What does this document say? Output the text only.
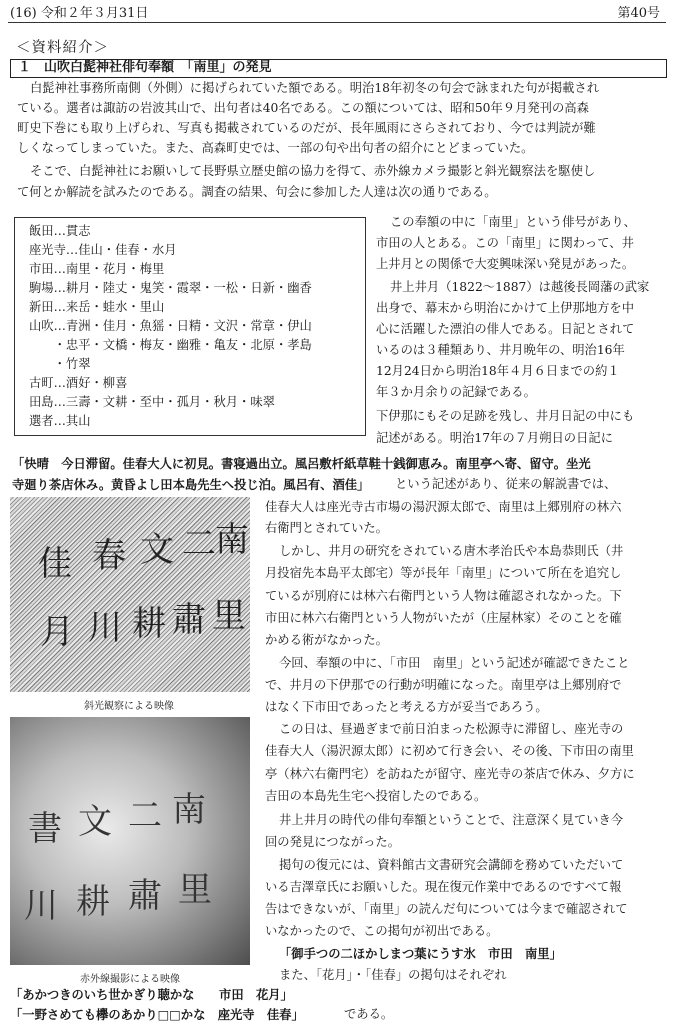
(16) 令和２年３月31日	第40号
＜資料紹介＞
１　山吹白髭神社俳句奉額　「南里」の発見
白髭神社事務所南側（外側）に掲げられていた額である。明治18年初冬の句会で詠まれた句が掲載され
ている。選者は諏訪の岩波其山で、出句者は40名である。この額については、昭和50年９月発刊の高森
町史下巻にも取り上げられ、写真も掲載されているのだが、長年風雨にさらされており、今では判読が難
しくなってしまっていた。また、高森町史では、一部の句や出句者の紹介にとどまっていた。
そこで、白髭神社にお願いして長野県立歴史館の協力を得て、赤外線カメラ撮影と斜光観察法を駆使し
て何とか解読を試みたのである。調査の結果、句会に参加した人達は次の通りである。
飯田…貫志
座光寺…佳山・佳春・水月
市田…南里・花月・梅里
駒場…耕月・陸丈・鬼笑・霞翠・一松・日新・幽香
新田…来岳・蛙水・里山
山吹…青洲・佳月・魚猺・日精・文沢・常章・伊山
　　・忠平・文橋・梅友・幽雅・亀友・北原・孝島
　　・竹翠
古町…酒好・柳喜
田島…三壽・文耕・至中・孤月・秋月・味翠
選者…其山
この奉額の中に「南里」という俳号があり、
市田の人とある。この「南里」に関わって、井
上井月との関係で大変興味深い発見があった。
井上井月（1822～1887）は越後長岡藩の武家
出身で、幕末から明治にかけて上伊那地方を中
心に活躍した漂泊の俳人である。日記とされて
いるのは３種類あり、井月晩年の、明治16年
12月24日から明治18年４月６日までの約１
年３か月余りの記録である。
下伊那にもその足跡を残し、井月日記の中にも
記述がある。明治17年の７月朔日の日記に
「快晴　今日滞留。佳春大人に初見。書寝過出立。風呂敷杄紙草鞋十銭御恵み。南里亭へ寄、留守。坐光
寺廻り茶店休み。黄昏よし田本島先生へ投じ泊。風呂有、酒佳」 という記述があり、従来の解説書では、
佳 春 文 二 南
月 川 耕 肅 里
斜光観察による映像
書 文 二 南
川 耕 肅 里
赤外線撮影による映像
佳春大人は座光寺古市場の湯沢源太郎で、南里は上郷別府の林六
右衛門とされていた。
しかし、井月の研究をされている唐木孝治氏や本島恭則氏（井
月投宿先本島平太郎宅）等が長年「南里」について所在を追究し
ているが別府には林六右衛門という人物は確認されなかった。下
市田に林六右衛門という人物がいたが（庄屋林家）そのことを確
かめる術がなかった。
今回、奉額の中に、「市田　南里」という記述が確認できたこと
で、井月の下伊那での行動が明確になった。南里亭は上郷別府で
はなく下市田であったと考える方が妥当であろう。
この日は、昼過ぎまで前日泊まった松源寺に滞留し、座光寺の
佳春大人（湯沢源太郎）に初めて行き会い、その後、下市田の南里
亭（林六右衛門宅）を訪ねたが留守、座光寺の茶店で休み、夕方に
吉田の本島先生宅へ投宿したのである。
井上井月の時代の俳句奉額ということで、注意深く見ていき今
回の発見につながった。
掲句の復元には、資料館古文書研究会講師を務めていただいて
いる吉澤章氏にお願いした。現在復元作業中であるのですべて報
告はできないが、「南里」の読んだ句については今まで確認されて
いなかったので、この掲句が初出である。
「御手つの二ほかしまつ葉にうす氷　市田　南里」
また、「花月」・「佳春」の掲句はそれぞれ
「あかつきのいち世かぎり聴かな　　市田　花月」
「一野さめても欅のあかり□□かな　座光寺　佳春」	である。
